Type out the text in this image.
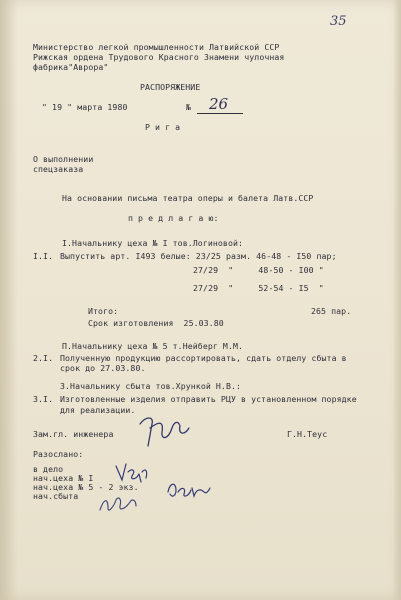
35
Министерство легкой промышленности Латвийской ССР
Рижская ордена Трудового Красного Знамени чулочная
фабрика"Аврора"
РАСПОРЯЖЕНИЕ
" 19 " марта 1980	№ 26
Р и г а
О выполнении
спецзаказа
На основании письма театра оперы и балета Латв.ССР
п р е д л а г а ю:
I.Начальнику цеха № I тов.Логиновой:
I.I. Выпустить арт. I493 белые: 23/25 разм. 46-48 - I50 пар;
27/29  "     48-50 - I00 "
27/29  "     52-54 - I5  "
Итого:	265 пар.
Срок изготовления  25.03.80
П.Начальнику цеха № 5 т.Нейберг М.М.
2.I. Полученную продукцию рассортировать, сдать отделу сбыта в
срок до 27.03.80.
3.Начальнику сбыта тов.Хрункой Н.В.:
3.I. Изготовленные изделия отправить РЦУ в установленном порядке
для реализации.
Зам.гл. инженера	Г.Н.Теус
Разослано:
в дело
нач.цеха № I
нач.цеха № 5 - 2 экз.
нач.сбыта
